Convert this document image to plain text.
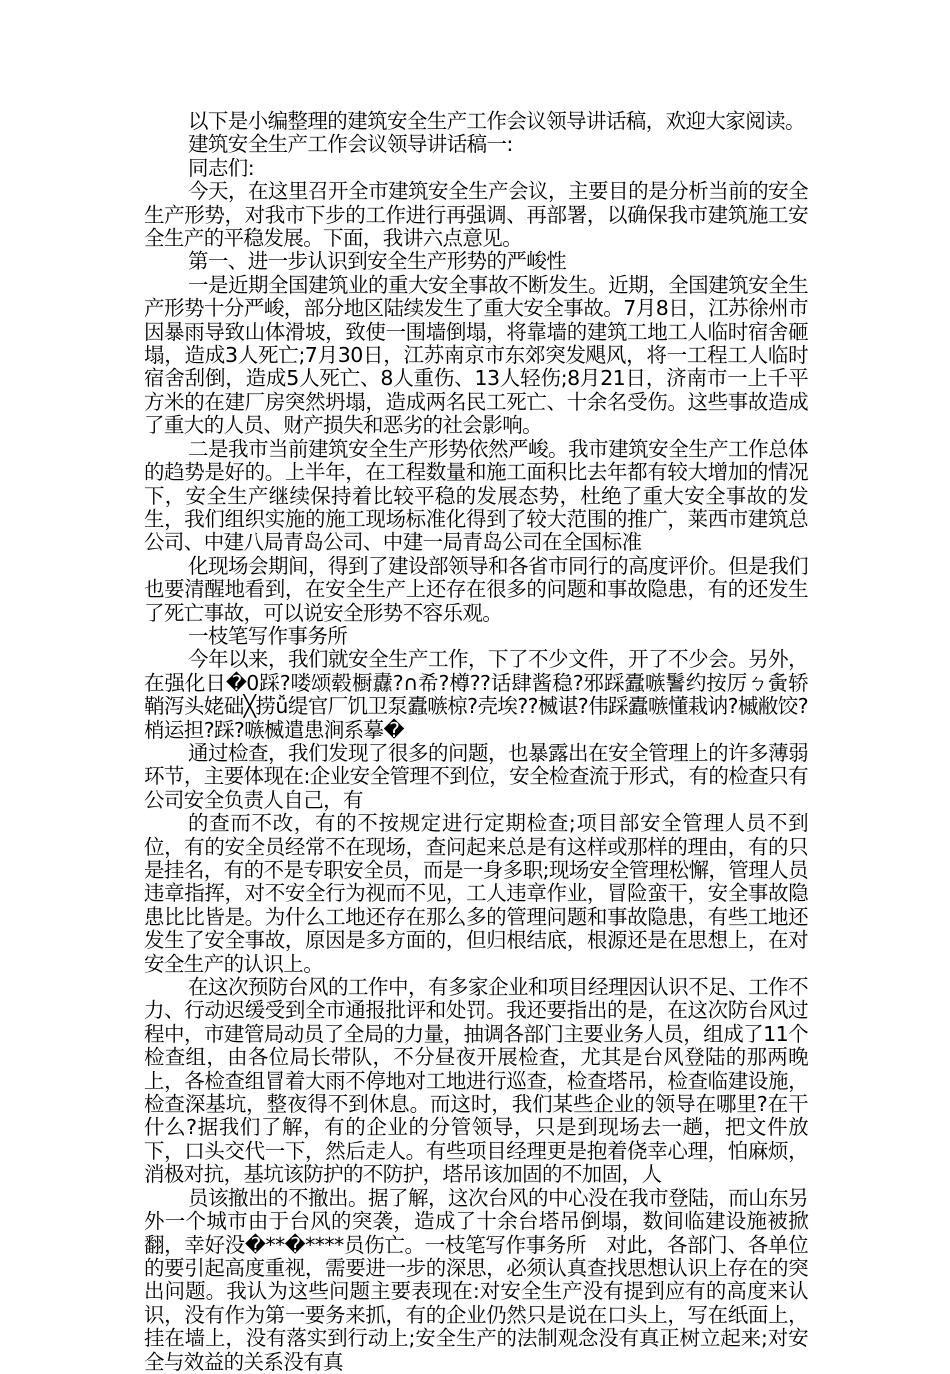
以下是小编整理的建筑安全生产工作会议领导讲话稿，欢迎大家阅读。

建筑安全生产工作会议领导讲话稿一:

同志们:

今天，在这里召开全市建筑安全生产会议，主要目的是分析当前的安全生产形势，对我市下步的工作进行再强调、再部署，以确保我市建筑施工安全生产的平稳发展。下面，我讲六点意见。

第一、进一步认识到安全生产形势的严峻性

一是近期全国建筑业的重大安全事故不断发生。近期，全国建筑安全生产形势十分严峻，部分地区陆续发生了重大安全事故。7月8日，江苏徐州市因暴雨导致山体滑坡，致使一围墙倒塌，将靠墙的建筑工地工人临时宿舍砸塌，造成3人死亡;7月30日，江苏南京市东郊突发飓风，将一工程工人临时宿舍刮倒，造成5人死亡、8人重伤、13人轻伤;8月21日，济南市一上千平方米的在建厂房突然坍塌，造成两名民工死亡、十余名受伤。这些事故造成了重大的人员、财产损失和恶劣的社会影响。

二是我市当前建筑安全生产形势依然严峻。我市建筑安全生产工作总体的趋势是好的。上半年，在工程数量和施工面积比去年都有较大增加的情况下，安全生产继续保持着比较平稳的发展态势，杜绝了重大安全事故的发生，我们组织实施的施工现场标准化得到了较大范围的推广，莱西市建筑总公司、中建八局青岛公司、中建一局青岛公司在全国标准

化现场会期间，得到了建设部领导和各省市同行的高度评价。但是我们也要清醒地看到，在安全生产上还存在很多的问题和事故隐患，有的还发生了死亡事故，可以说安全形势不容乐观。

一枝笔写作事务所

今年以来，我们就安全生产工作，下了不少文件，开了不少会。另外，在强化日�0踩?喽颂毂橱纛?∩希?樽??话肆酱稳?邪踩蠹嗾鬐约按厉ㄅ夤轿鞘泻头姥础╳捞ǚ缇官厂饥卫泵蠹嗾椋?壳埃??楲谌?伟踩蠹嗾懂栽讷?槭敝饺?梢运担?踩?嗾楲遣患涧系摹�

通过检查，我们发现了很多的问题，也暴露出在安全管理上的许多薄弱环节，主要体现在:企业安全管理不到位，安全检查流于形式，有的检查只有公司安全负责人自己，有

的查而不改，有的不按规定进行定期检查;项目部安全管理人员不到位，有的安全员经常不在现场，查问起来总是有这样或那样的理由，有的只是挂名，有的不是专职安全员，而是一身多职;现场安全管理松懈，管理人员违章指挥，对不安全行为视而不见，工人违章作业，冒险蛮干，安全事故隐患比比皆是。为什么工地还存在那么多的管理问题和事故隐患，有些工地还发生了安全事故，原因是多方面的，但归根结底，根源还是在思想上，在对安全生产的认识上。

在这次预防台风的工作中，有多家企业和项目经理因认识不足、工作不力、行动迟缓受到全市通报批评和处罚。我还要指出的是，在这次防台风过程中，市建管局动员了全局的力量，抽调各部门主要业务人员，组成了11个检查组，由各位局长带队，不分昼夜开展检查，尤其是台风登陆的那两晚上，各检查组冒着大雨不停地对工地进行巡查，检查塔吊，检查临建设施，检查深基坑，整夜得不到休息。而这时，我们某些企业的领导在哪里?在干什么?据我们了解，有的企业的分管领导，只是到现场去一趟，把文件放下，口头交代一下，然后走人。有些项目经理更是抱着侥幸心理，怕麻烦，消极对抗，基坑该防护的不防护，塔吊该加固的不加固，人

员该撤出的不撤出。据了解，这次台风的中心没在我市登陆，而山东另外一个城市由于台风的突袭，造成了十余台塔吊倒塌，数间临建设施被掀翻，幸好没�**�****员伤亡。一枝笔写作事务所　对此，各部门、各单位的要引起高度重视，需要进一步的深思，必须认真查找思想认识上存在的突出问题。我认为这些问题主要表现在:对安全生产没有提到应有的高度来认识，没有作为第一要务来抓，有的企业仍然只是说在口头上，写在纸面上，挂在墙上，没有落实到行动上;安全生产的法制观念没有真正树立起来;对安全与效益的关系没有真
